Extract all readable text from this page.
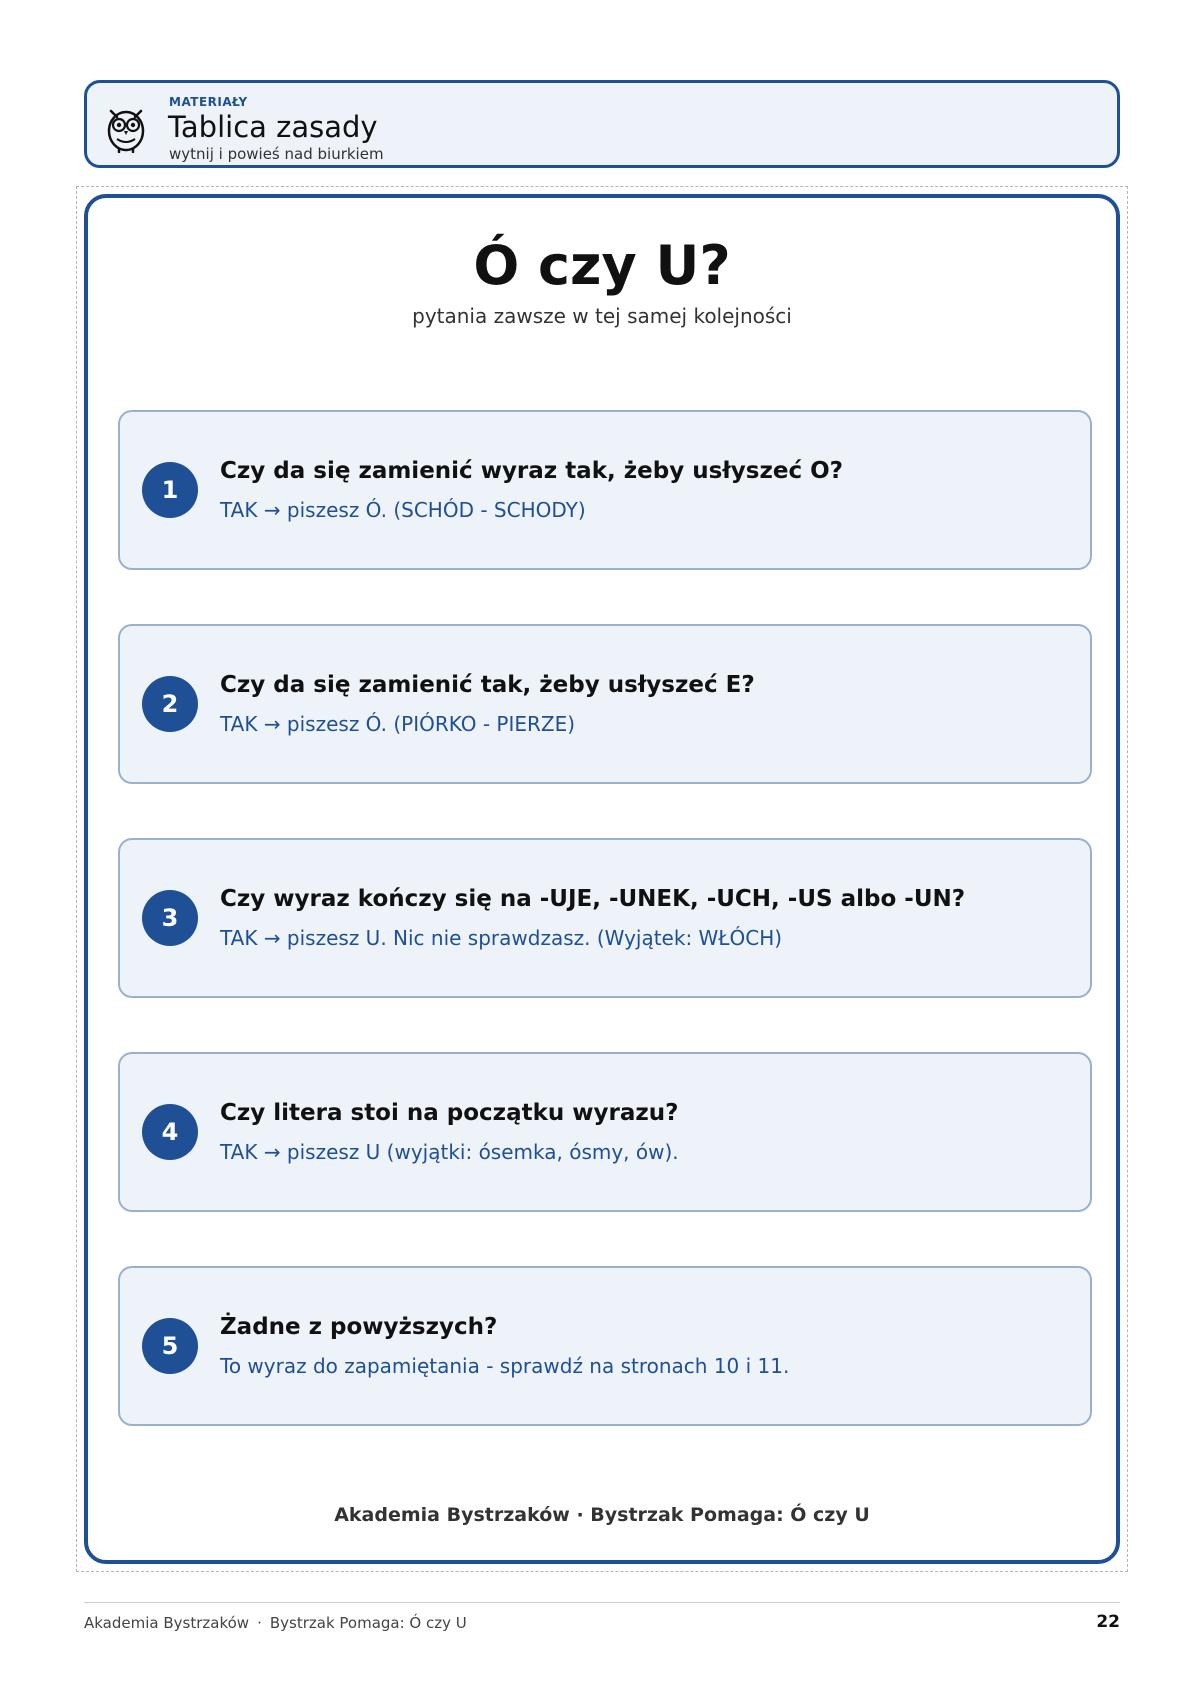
MATERIAŁY
Tablica zasady
wytnij i powieś nad biurkiem
Ó czy U?
pytania zawsze w tej samej kolejności
1
Czy da się zamienić wyraz tak, żeby usłyszeć O?
TAK → piszesz Ó. (SCHÓD - SCHODY)
2
Czy da się zamienić tak, żeby usłyszeć E?
TAK → piszesz Ó. (PIÓRKO - PIERZE)
3
Czy wyraz kończy się na -UJE, -UNEK, -UCH, -US albo -UN?
TAK → piszesz U. Nic nie sprawdzasz. (Wyjątek: WŁÓCH)
4
Czy litera stoi na początku wyrazu?
TAK → piszesz U (wyjątki: ósemka, ósmy, ów).
5
Żadne z powyższych?
To wyraz do zapamiętania - sprawdź na stronach 10 i 11.
Akademia Bystrzaków · Bystrzak Pomaga: Ó czy U
Akademia Bystrzaków · Bystrzak Pomaga: Ó czy U	22
